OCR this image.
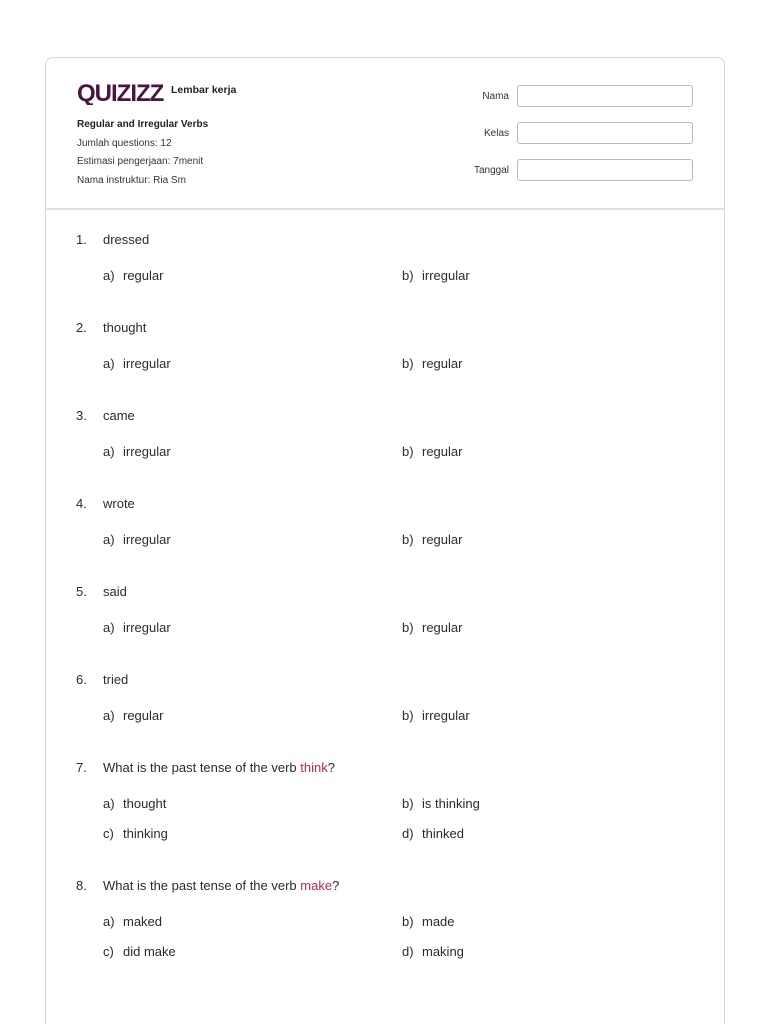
QUIZIZZ Lembar kerja
Regular and Irregular Verbs
Jumlah questions: 12
Estimasi pengerjaan: 7menit
Nama instruktur: Ria Sm
Nama
Kelas
Tanggal
1.	dressed
a) regular	b) irregular
2.	thought
a) irregular	b) regular
3.	came
a) irregular	b) regular
4.	wrote
a) irregular	b) regular
5.	said
a) irregular	b) regular
6.	tried
a) regular	b) irregular
7.	What is the past tense of the verb think?
a) thought	b) is thinking
c) thinking	d) thinked
8.	What is the past tense of the verb make?
a) maked	b) made
c) did make	d) making
